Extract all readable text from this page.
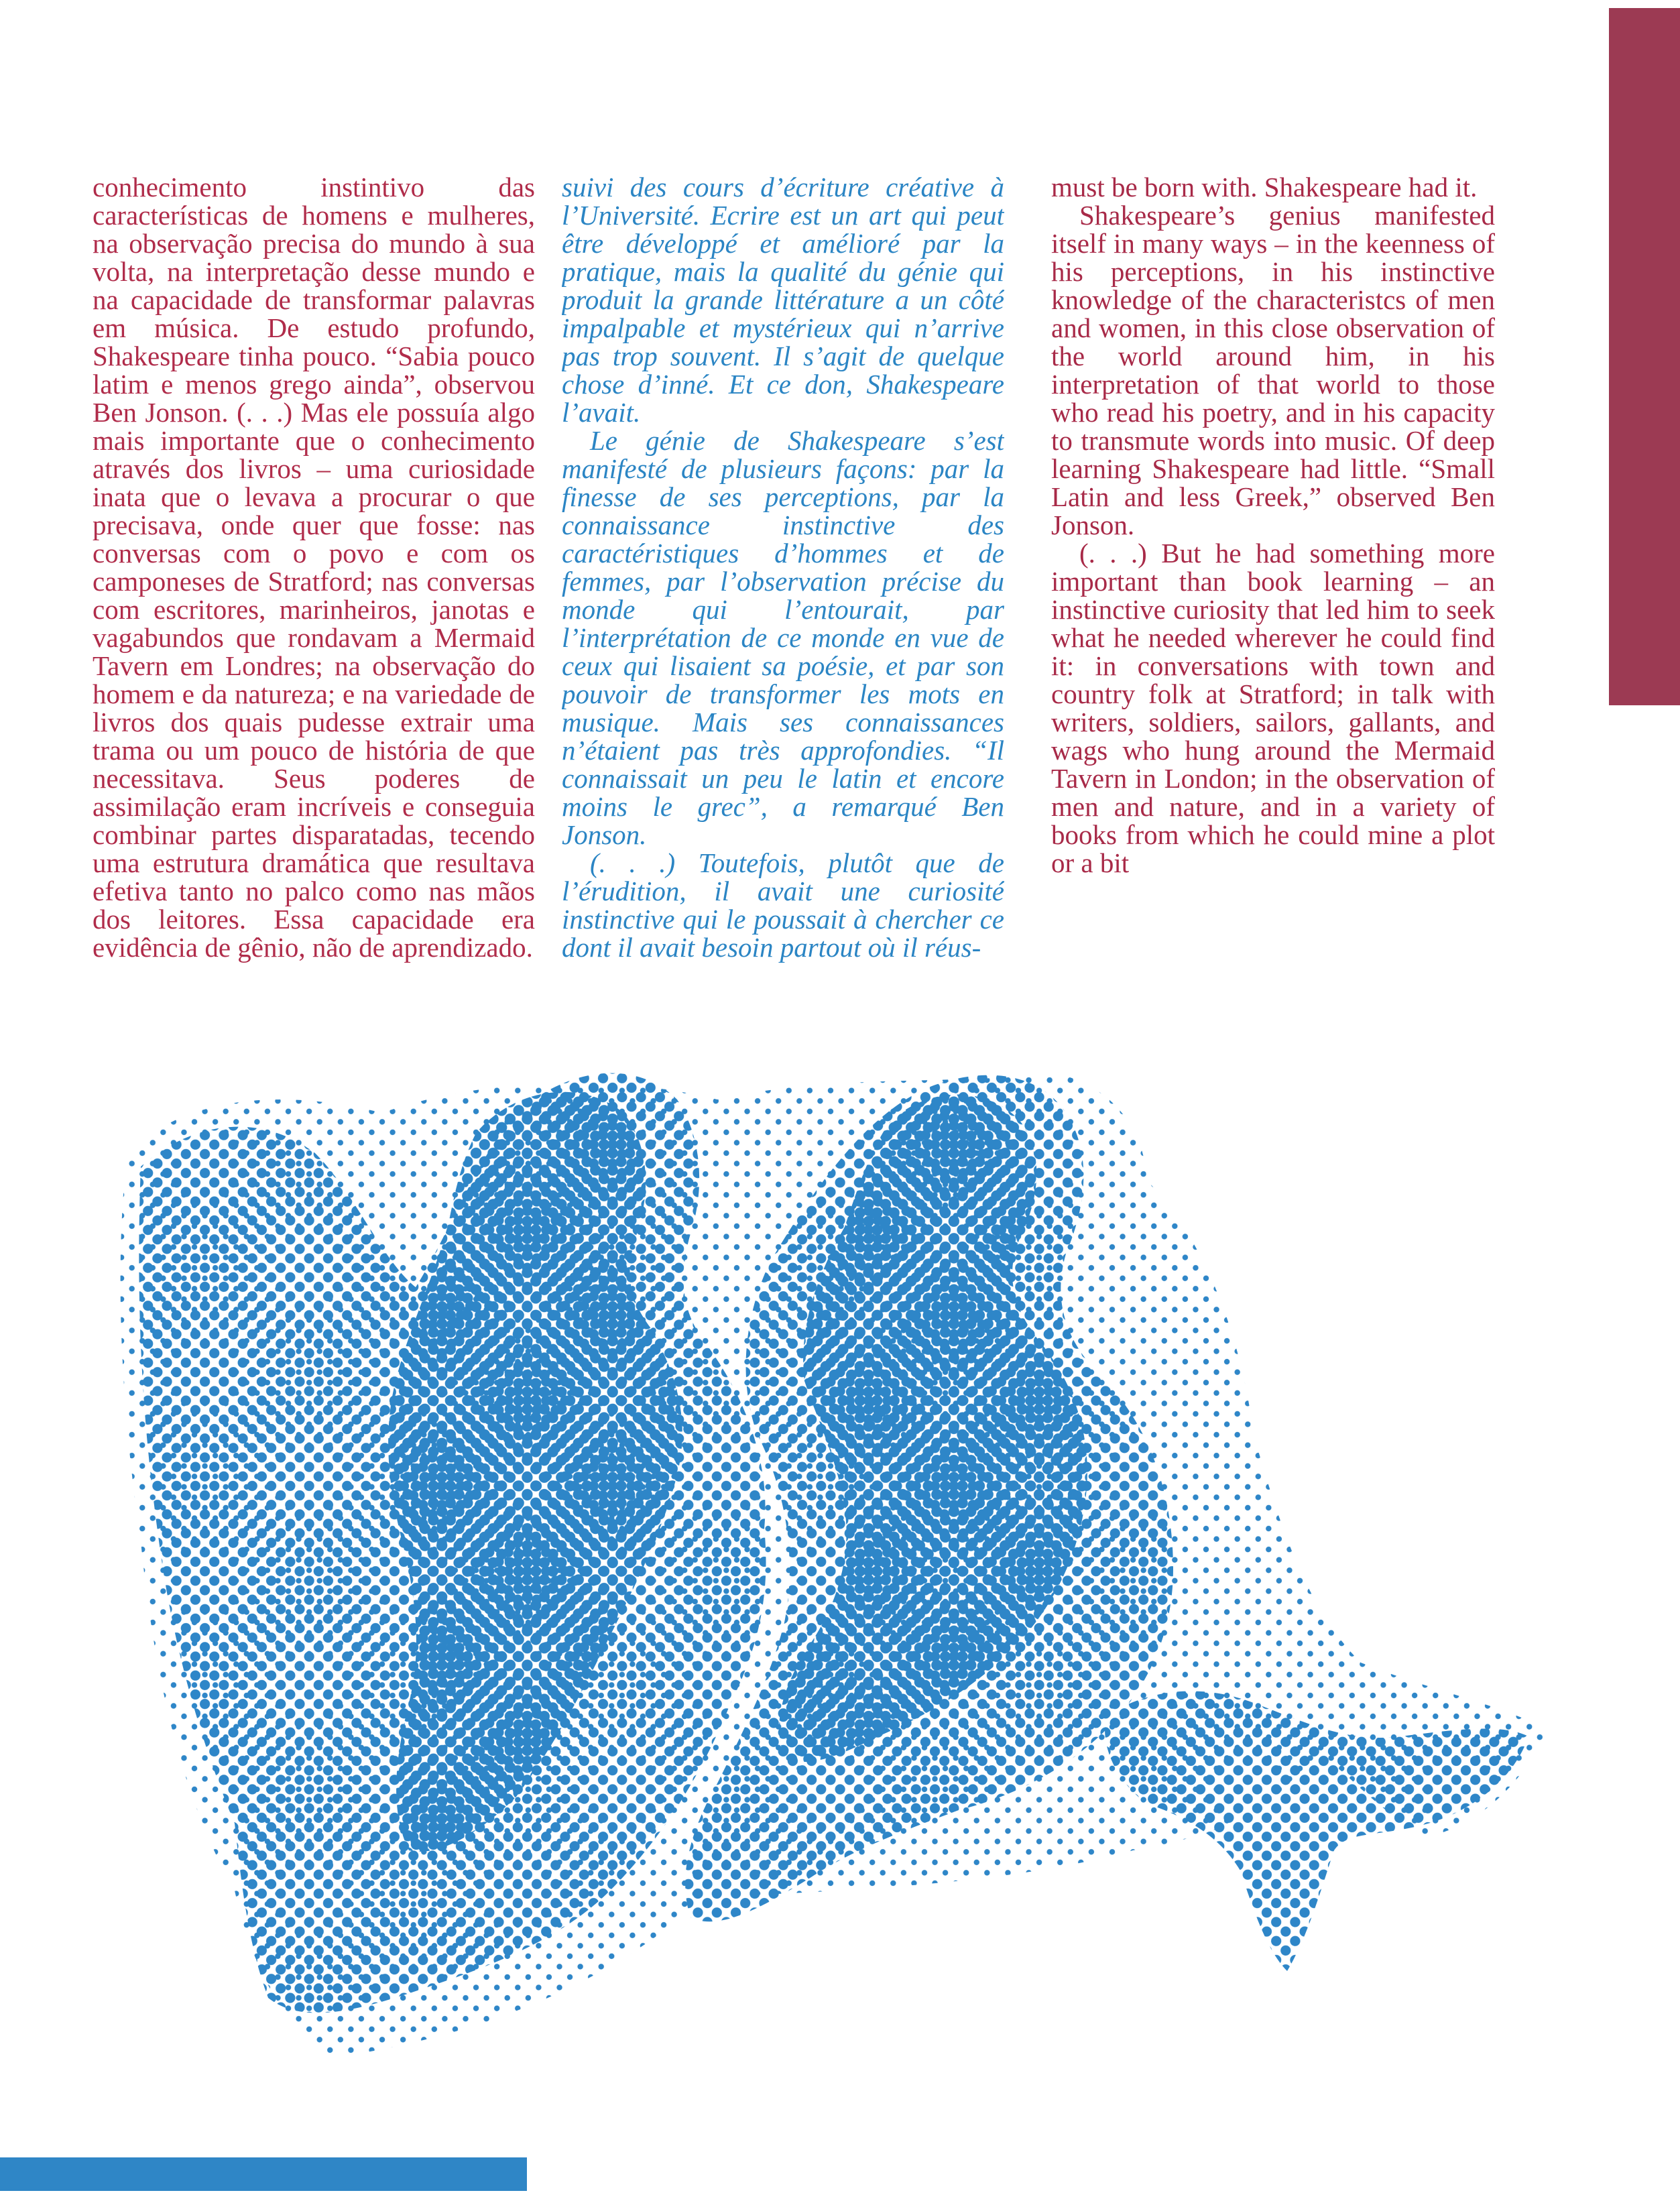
conhecimento instintivo das características de homens e mulheres, na observação precisa do mundo à sua volta, na interpretação desse mundo e na capacidade de transformar palavras em música. De estudo profundo, Shakespeare tinha pouco. “Sabia pouco latim e menos grego ainda”, observou Ben Jonson. (. . .) Mas ele possuía algo mais importante que o conhecimento através dos livros – uma curiosidade inata que o levava a procurar o que precisava, onde quer que fosse: nas conversas com o povo e com os camponeses de Stratford; nas conversas com escritores, marinheiros, janotas e vagabundos que rondavam a Mermaid Tavern em Londres; na observação do homem e da natureza; e na variedade de livros dos quais pudesse extrair uma trama ou um pouco de história de que necessitava. Seus poderes de assimilação eram incríveis e conseguia combinar partes disparatadas, tecendo uma estrutura dramática que resultava efetiva tanto no palco como nas mãos dos leitores. Essa capacidade era evidência de gênio, não de aprendizado.

suivi des cours d’écriture créative à l’Université. Ecrire est un art qui peut être développé et amélioré par la pratique, mais la qualité du génie qui produit la grande littérature a un côté impalpable et mystérieux qui n’arrive pas trop souvent. Il s’agit de quelque chose d’inné. Et ce don, Shakespeare l’avait.

Le génie de Shakespeare s’est manifesté de plusieurs façons: par la finesse de ses perceptions, par la connaissance instinctive des caractéristiques d’hommes et de femmes, par l’observation précise du monde qui l’entourait, par l’interprétation de ce monde en vue de ceux qui lisaient sa poésie, et par son pouvoir de transformer les mots en musique. Mais ses connaissances n’étaient pas très approfondies. “Il connaissait un peu le latin et encore moins le grec”, a remarqué Ben Jonson.

(. . .) Toutefois, plutôt que de l’érudition, il avait une curiosité instinctive qui le poussait à chercher ce dont il avait besoin partout où il réus-

must be born with. Shakespeare had it.

Shakespeare’s genius manifested itself in many ways – in the keenness of his perceptions, in his instinctive knowledge of the characteristcs of men and women, in this close observation of the world around him, in his interpretation of that world to those who read his poetry, and in his capacity to transmute words into music. Of deep learning Shakespeare had little. “Small Latin and less Greek,” observed Ben Jonson.

(. . .) But he had something more important than book learning – an instinctive curiosity that led him to seek what he needed wherever he could find it: in conversations with town and country folk at Stratford; in talk with writers, soldiers, sailors, gallants, and wags who hung around the Mermaid Tavern in London; in the observation of men and nature, and in a variety of books from which he could mine a plot or a bit
